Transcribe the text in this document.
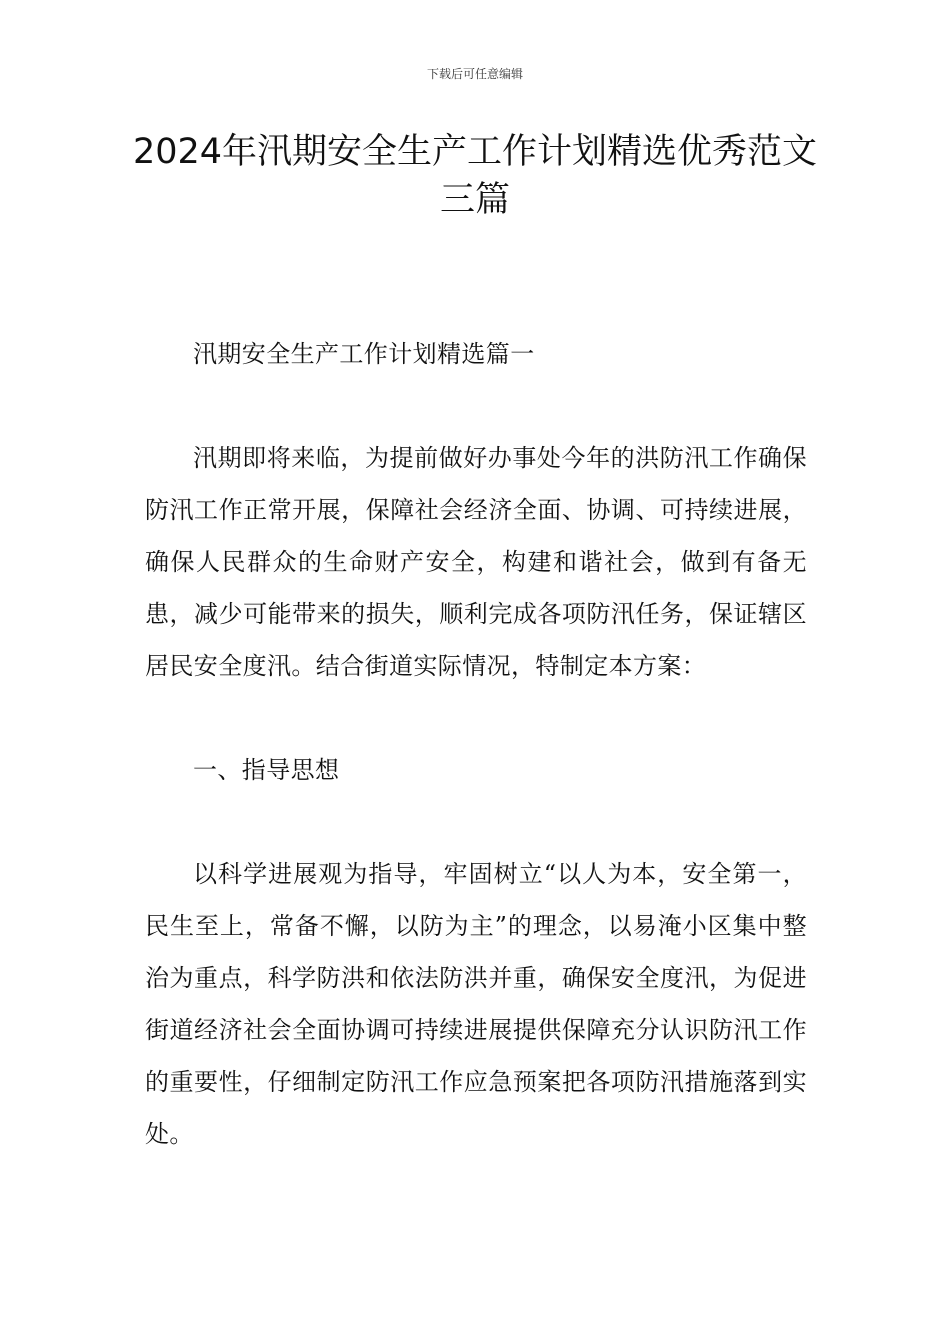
下载后可任意编辑
2024年汛期安全生产工作计划精选优秀范文三篇

汛期安全生产工作计划精选篇一

汛期即将来临，为提前做好办事处今年的洪防汛工作确保防汛工作正常开展，保障社会经济全面、协调、可持续进展，确保人民群众的生命财产安全，构建和谐社会，做到有备无患，减少可能带来的损失，顺利完成各项防汛任务，保证辖区居民安全度汛。结合街道实际情况，特制定本方案：

一、指导思想

以科学进展观为指导，牢固树立“以人为本，安全第一，民生至上，常备不懈，以防为主”的理念，以易淹小区集中整治为重点，科学防洪和依法防洪并重，确保安全度汛，为促进街道经济社会全面协调可持续进展提供保障充分认识防汛工作的重要性，仔细制定防汛工作应急预案把各项防汛措施落到实处。
